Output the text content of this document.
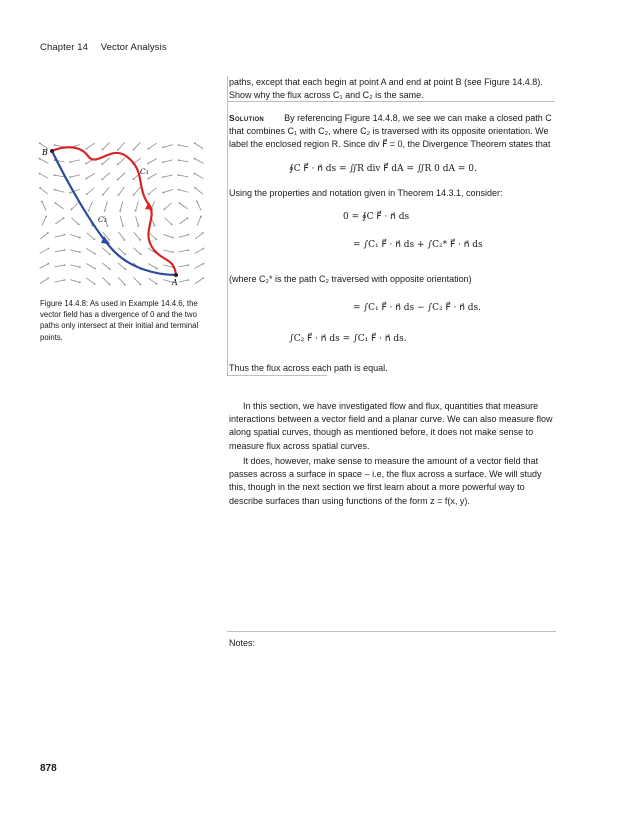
Chapter 14 Vector Analysis
B
A
C₁
C₂
Figure 14.4.8: As used in Example 14.4.6, the vector field has a divergence of 0 and the two paths only intersect at their initial and terminal points.
paths, except that each begin at point A and end at point B (see Figure 14.4.8). Show why the flux across C₁ and C₂ is the same.
Solution By referencing Figure 14.4.8, we see we can make a closed path C that combines C₁ with C₂, where C₂ is traversed with its opposite orientation. We label the enclosed region R. Since div F⃗ = 0, the Divergence Theorem states that
∮C F⃗ · n⃗ ds = ∬R div F⃗ dA = ∬R 0 dA = 0.
Using the properties and notation given in Theorem 14.3.1, consider:
0 = ∮C F⃗ · n⃗ ds
= ∫C₁ F⃗ · n⃗ ds + ∫C₂* F⃗ · n⃗ ds
(where C₂* is the path C₂ traversed with opposite orientation)
= ∫C₁ F⃗ · n⃗ ds − ∫C₂ F⃗ · n⃗ ds.
∫C₂ F⃗ · n⃗ ds = ∫C₁ F⃗ · n⃗ ds.
Thus the flux across each path is equal.
In this section, we have investigated flow and flux, quantities that measure interactions between a vector field and a planar curve. We can also measure flow along spatial curves, though as mentioned before, it does not make sense to measure flux across spatial curves.
It does, however, make sense to measure the amount of a vector field that passes across a surface in space – i.e, the flux across a surface. We will study this, though in the next section we first learn about a more powerful way to describe surfaces than using functions of the form z = f(x, y).
Notes:
878
